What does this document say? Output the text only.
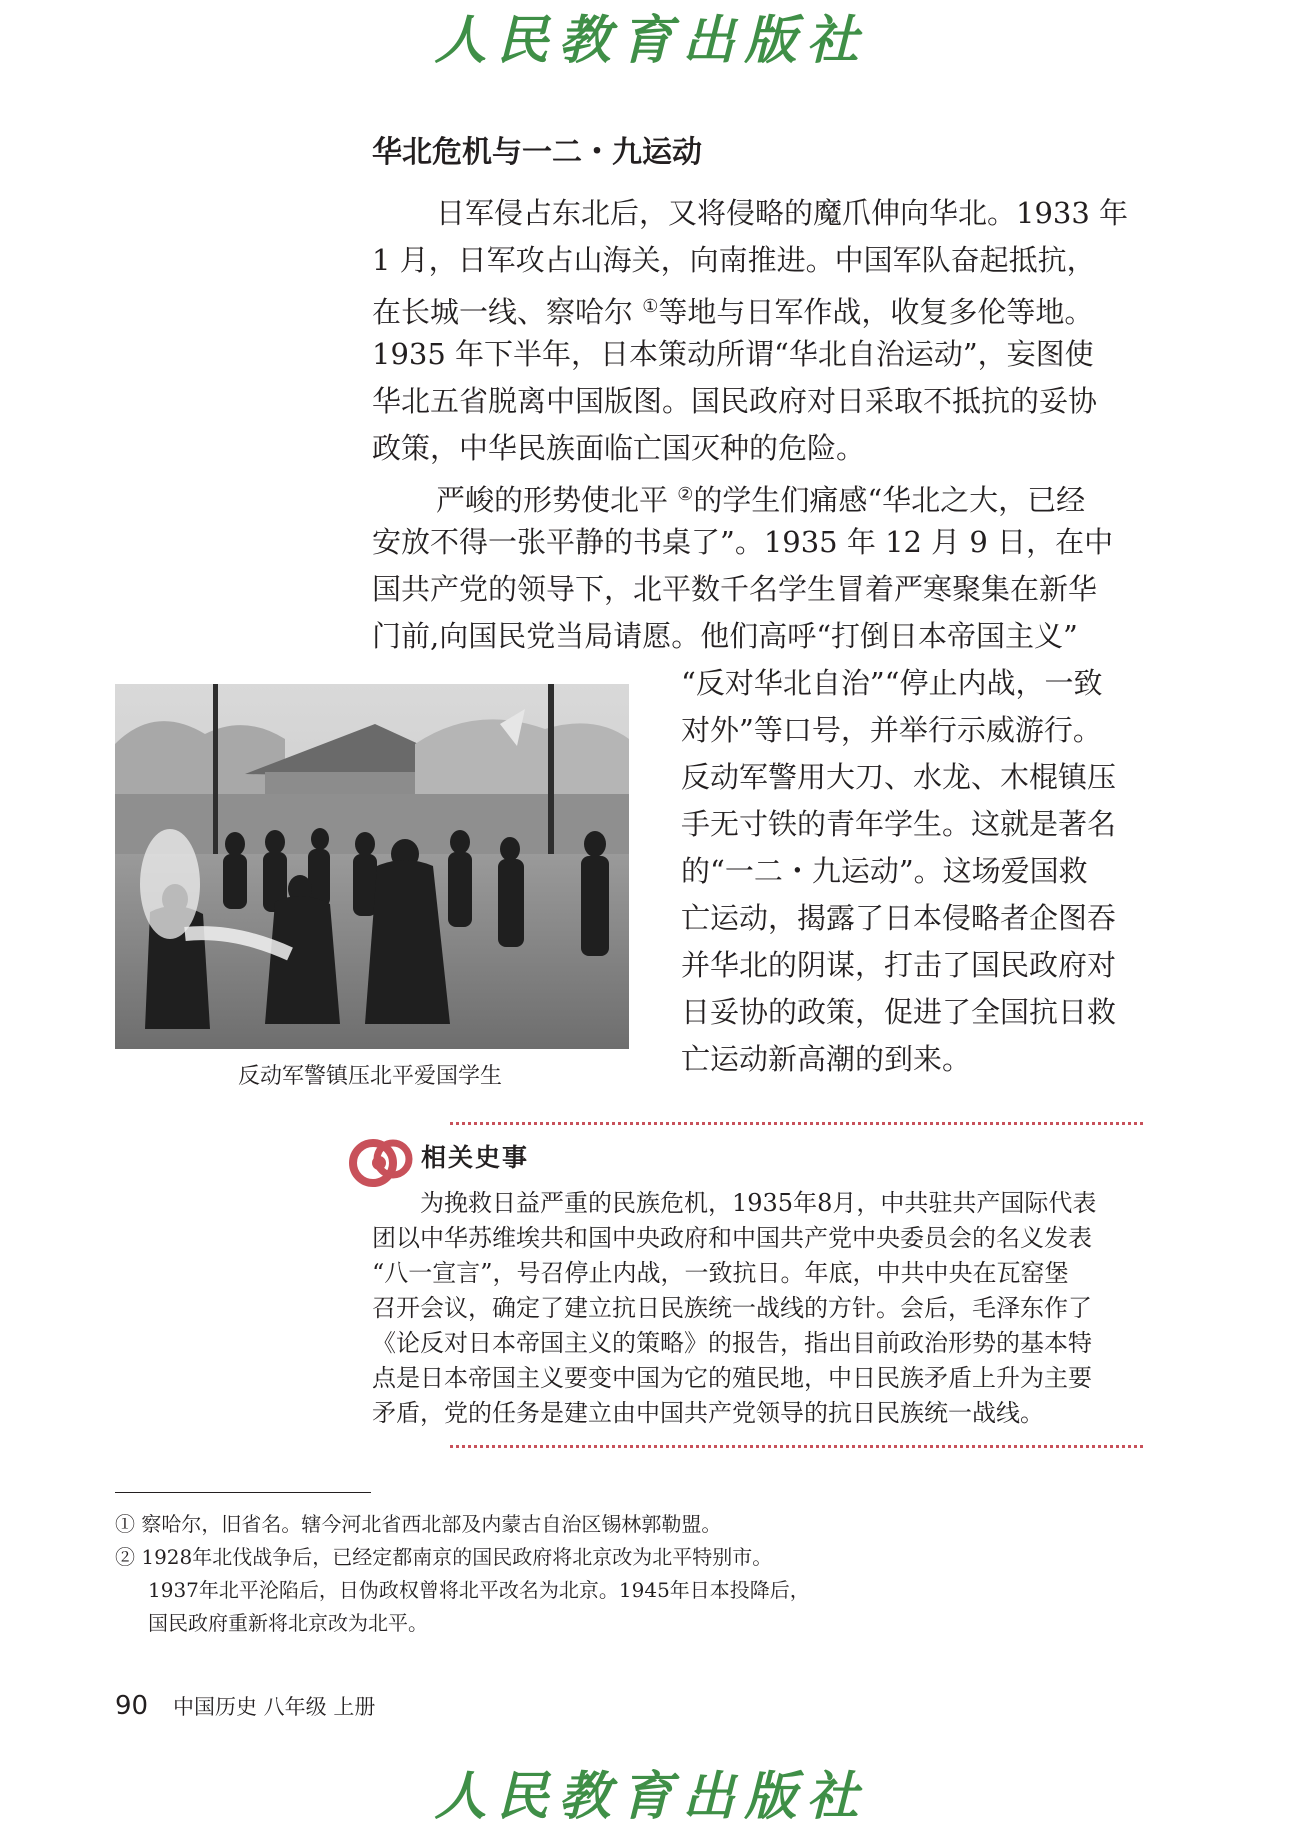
人民教育出版社
华北危机与一二・九运动
日军侵占东北后，又将侵略的魔爪伸向华北。1933 年
1 月，日军攻占山海关，向南推进。中国军队奋起抵抗，
在长城一线、察哈尔 ①等地与日军作战，收复多伦等地。
1935 年下半年，日本策动所谓“华北自治运动”，妄图使
华北五省脱离中国版图。国民政府对日采取不抵抗的妥协
政策，中华民族面临亡国灭种的危险。
严峻的形势使北平 ②的学生们痛感“华北之大，已经
安放不得一张平静的书桌了”。1935 年 12 月 9 日，在中
国共产党的领导下，北平数千名学生冒着严寒聚集在新华
门前,向国民党当局请愿。他们高呼“打倒日本帝国主义”
“反对华北自治”“停止内战，一致
对外”等口号，并举行示威游行。
反动军警用大刀、水龙、木棍镇压
手无寸铁的青年学生。这就是著名
的“一二・九运动”。这场爱国救
亡运动，揭露了日本侵略者企图吞
并华北的阴谋，打击了国民政府对
日妥协的政策，促进了全国抗日救
亡运动新高潮的到来。
反动军警镇压北平爱国学生
相关史事
为挽救日益严重的民族危机，1935年8月，中共驻共产国际代表
团以中华苏维埃共和国中央政府和中国共产党中央委员会的名义发表
“八一宣言”，号召停止内战，一致抗日。年底，中共中央在瓦窑堡
召开会议，确定了建立抗日民族统一战线的方针。会后，毛泽东作了
《论反对日本帝国主义的策略》的报告，指出目前政治形势的基本特
点是日本帝国主义要变中国为它的殖民地，中日民族矛盾上升为主要
矛盾，党的任务是建立由中国共产党领导的抗日民族统一战线。
① 察哈尔，旧省名。辖今河北省西北部及内蒙古自治区锡林郭勒盟。
② 1928年北伐战争后，已经定都南京的国民政府将北京改为北平特别市。
1937年北平沦陷后，日伪政权曾将北平改名为北京。1945年日本投降后，
国民政府重新将北京改为北平。
90 中国历史 八年级 上册
人民教育出版社
